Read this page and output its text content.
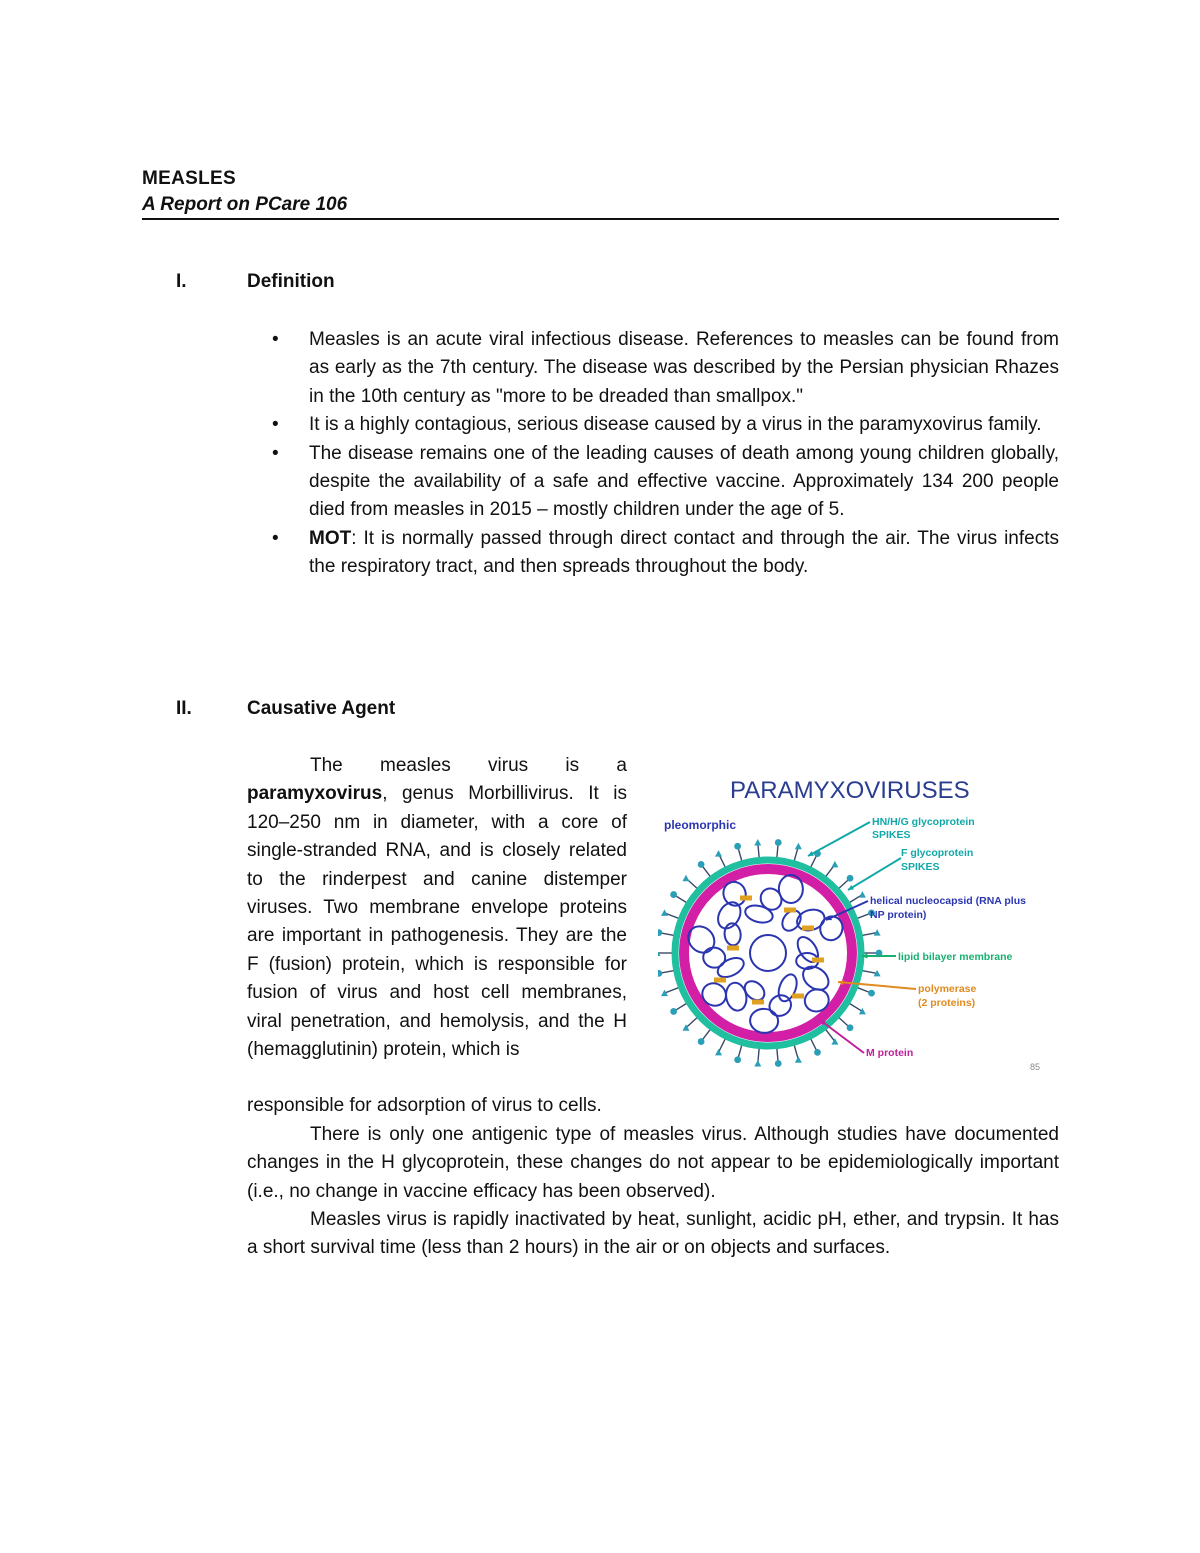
MEASLES
A Report on PCare 106
I.	Definition
• Measles is an acute viral infectious disease. References to measles can be found from as early as the 7th century. The disease was described by the Persian physician Rhazes in the 10th century as "more to be dreaded than smallpox."
• It is a highly contagious, serious disease caused by a virus in the paramyxovirus family.
• The disease remains one of the leading causes of death among young children globally, despite the availability of a safe and effective vaccine. Approximately 134 200 people died from measles in 2015 – mostly children under the age of 5.
• MOT: It is normally passed through direct contact and through the air. The virus infects the respiratory tract, and then spreads throughout the body.
II.	Causative Agent

The measles virus is a paramyxovirus, genus Morbillivirus. It is 120–250 nm in diameter, with a core of single-stranded RNA, and is closely related to the rinderpest and canine distemper viruses. Two membrane envelope proteins are important in pathogenesis. They are the F (fusion) protein, which is responsible for fusion of virus and host cell membranes, viral penetration, and hemolysis, and the H (hemagglutinin) protein, which is

responsible for adsorption of virus to cells.

There is only one antigenic type of measles virus. Although studies have documented changes in the H glycoprotein, these changes do not appear to be epidemiologically important (i.e., no change in vaccine efficacy has been observed).

Measles virus is rapidly inactivated by heat, sunlight, acidic pH, ether, and trypsin. It has a short survival time (less than 2 hours) in the air or on objects and surfaces.

PARAMYXOVIRUSES
pleomorphic	HN/H/G glycoprotein
SPIKES
F glycoprotein
SPIKES
helical nucleocapsid (RNA plus
NP protein)
lipid bilayer membrane
polymerase
(2 proteins)
M protein
85
